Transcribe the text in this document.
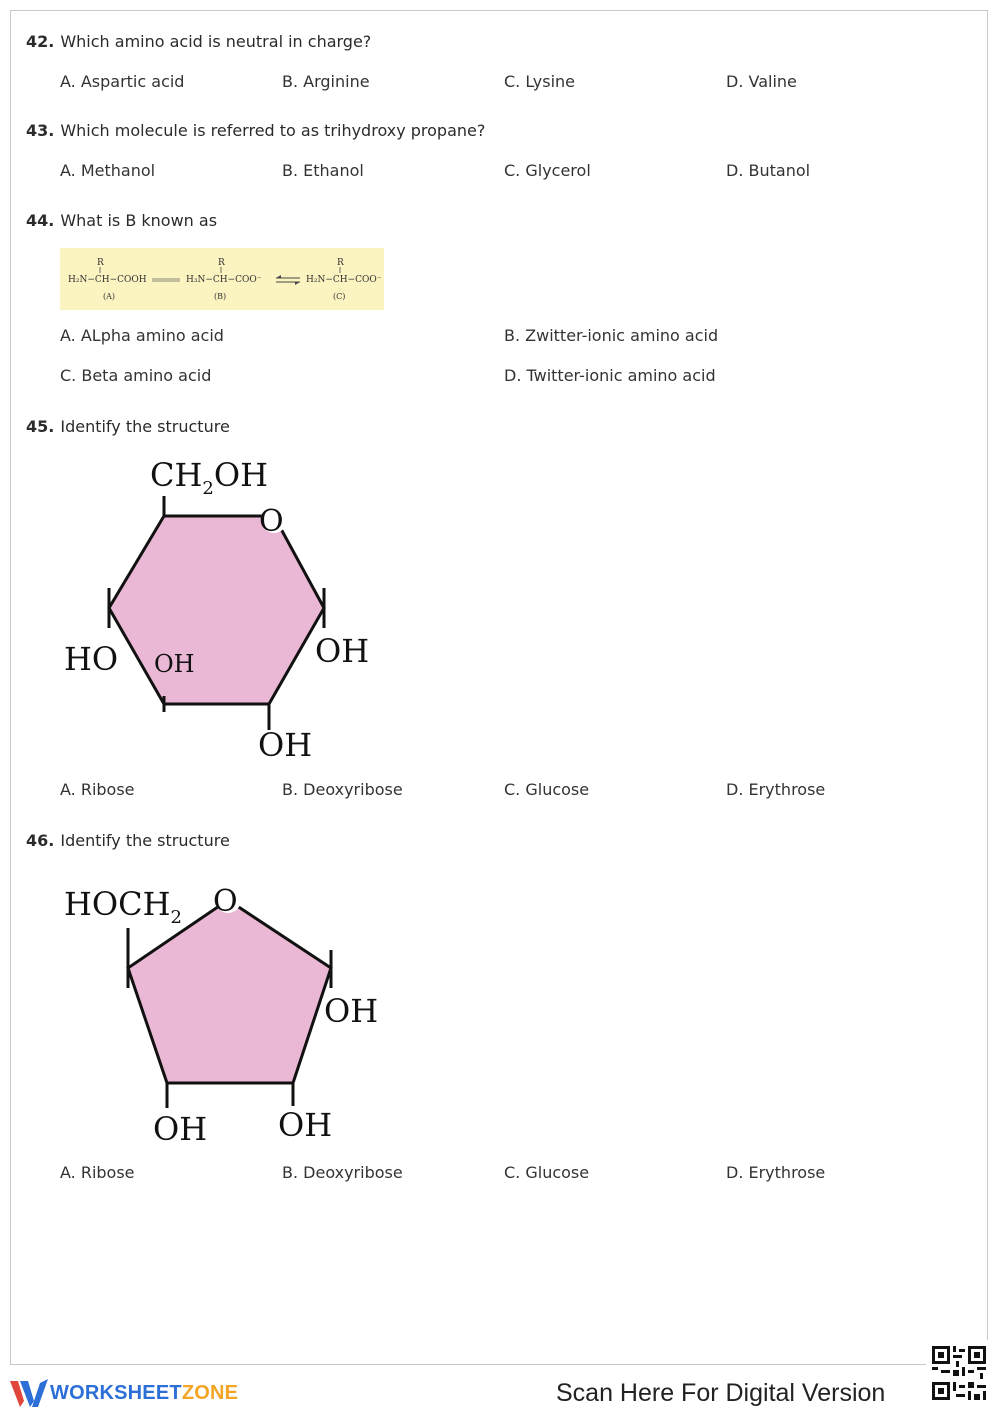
42. Which amino acid is neutral in charge?
A. Aspartic acid	B. Arginine	C. Lysine	D. Valine
43. Which molecule is referred to as trihydroxy propane?
A. Methanol	B. Ethanol	C. Glycerol	D. Butanol
44. What is B known as
R
H₂N−CH−COOH
(A)
R
H₃N−CH−COO⁻
(B)
R
H₂N−CH−COO⁻
(C)
A. ALpha amino acid	B. Zwitter-ionic amino acid
C. Beta amino acid	D. Twitter-ionic amino acid
45. Identify the structure
$CH_2OH$
O
HO OH	OH
OH
A. Ribose	B. Deoxyribose	C. Glucose	D. Erythrose
46. Identify the structure
$HOCH_2$ O
OH
OH OH
A. Ribose	B. Deoxyribose	C. Glucose	D. Erythrose
WORKSHEETZONE	Scan Here For Digital Version
